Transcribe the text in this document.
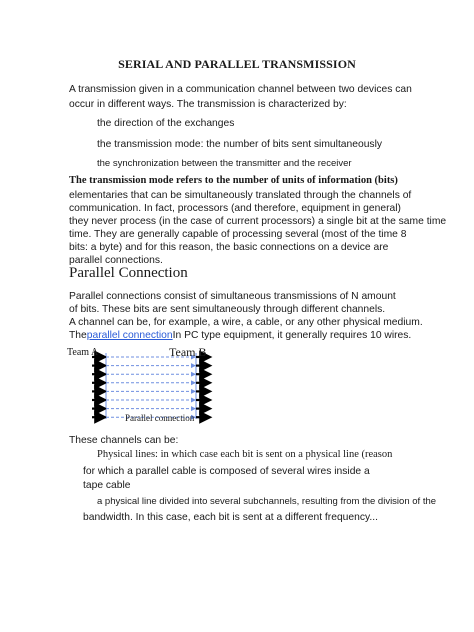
SERIAL AND PARALLEL TRANSMISSION
A transmission given in a communication channel between two devices can
occur in different ways. The transmission is characterized by:
the direction of the exchanges
the transmission mode: the number of bits sent simultaneously
the synchronization between the transmitter and the receiver
The transmission mode refers to the number of units of information (bits)
elementaries that can be simultaneously translated through the channels of
communication. In fact, processors (and therefore, equipment in general)
they never process (in the case of current processors) a single bit at the same time
time. They are generally capable of processing several (most of the time 8
bits: a byte) and for this reason, the basic connections on a device are
parallel connections.
Parallel Connection
Parallel connections consist of simultaneous transmissions of N amount
of bits. These bits are sent simultaneously through different channels.
A channel can be, for example, a wire, a cable, or any other physical medium.
Theparallel connectionIn PC type equipment, it generally requires 10 wires.
Team A	Team B
Parallel connection
These channels can be:
Physical lines: in which case each bit is sent on a physical line (reason
for which a parallel cable is composed of several wires inside a
tape cable
a physical line divided into several subchannels, resulting from the division of the
bandwidth. In this case, each bit is sent at a different frequency...
